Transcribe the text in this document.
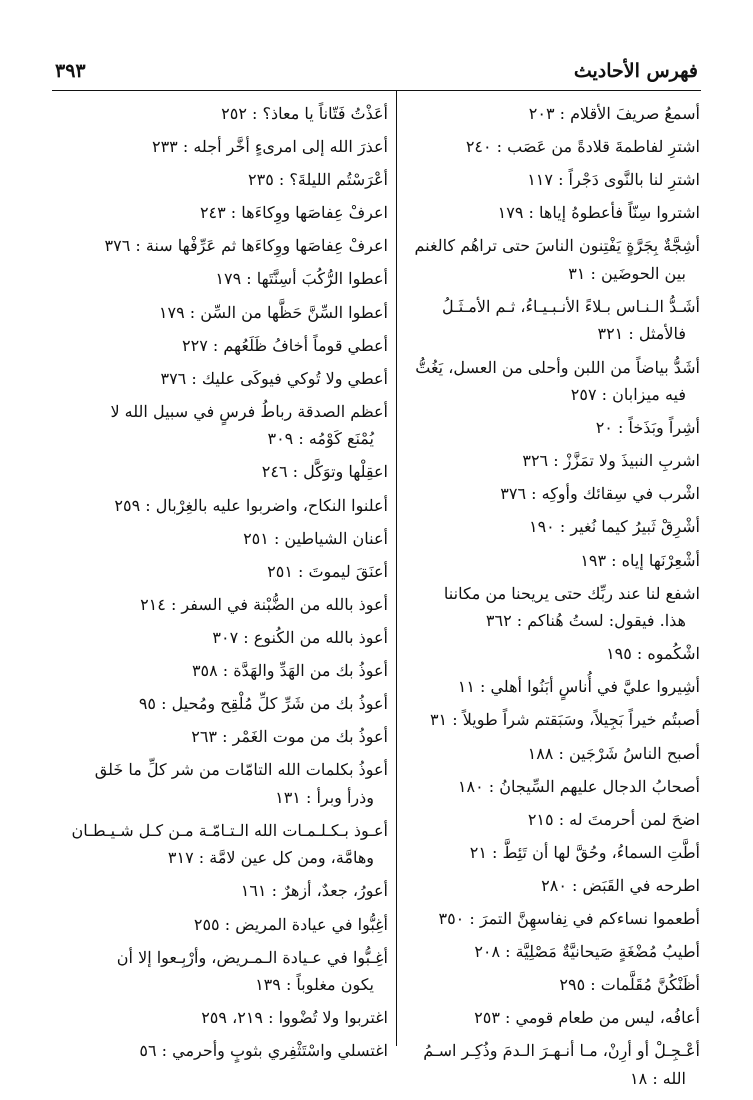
فهرس الأحاديث
٣٩٣
أسمعُ صريفَ الأقلام : ٢٠٣
اشترِ لفاطمةَ قلادةً من عَصَب : ٢٤٠
اشترِ لنا بالنَّوى دَجْراً : ١١٧
اشتروا سِنّاً فأعطوهُ إياها : ١٧٩
أشِجَّةٌ بِجَرَّةٍ يَفْتِنون الناسَ حتى تراهُم كالغنم
بين الحوضَين : ٣١
أشَـدُّ الـنـاس بـلاءً الأنـبـيـاءُ، ثـم الأمـثَـلُ
فالأمثل : ٣٢١
أشَدُّ بياضاً من اللبن وأحلى من العسل، يَغُتُّ
فيه ميزابان : ٢٥٧
أشِراً وبَذَخاً : ٢٠
اشربِ النبيذَ ولا تمَزَّزْ : ٣٢٦
اشْرب في سِقائك وأوكِه : ٣٧٦
أشْرِقْ ثَبيرُ كيما نُغير : ١٩٠
أشْعِرْنَها إياه : ١٩٣
اشفع لنا عند ربِّك حتى يريحنا من مكاننا
هذا. فيقول: لستُ هُناكم : ٣٦٢
اشْكُموه : ١٩٥
أشِيروا عليَّ في أُناسٍ أبَنُوا أهلي : ١١
أصبتُم خيراً بَجِيلاً، وسَبَقتم شراً طويلاً : ٣١
أصبح الناسُ شَرْجَين : ١٨٨
أصحابُ الدجال عليهم السِّيجانُ : ١٨٠
اضحَ لمن أحرمتَ له : ٢١٥
أطَّتِ السماءُ، وحُقَّ لها أن تَئِطَّ : ٢١
اطرحه في القَبَض : ٢٨٠
أطعموا نساءكم في نِفاسهِنَّ التمرَ : ٣٥٠
أطيبُ مُضْغَةٍ صَيحانيَّةٌ مَصْلِيَّة : ٢٠٨
أظَنْكُنَّ مُقَلَّمات : ٢٩٥
أعافُه، ليس من طعام قومي : ٢٥٣
أعْـجِـلْ أو أرِنْ، مـا أنـهـرَ الـدمَ وذُكِـر اسـمُ
الله : ١٨
أعَذْتُ فَتّاناً يا معاذ؟ : ٢٥٢
أعذرَ الله إلى امرىءٍ أخَّر أجله : ٢٣٣
أعْرَسْتُم الليلةَ؟ : ٢٣٥
اعرفْ عِفاصَها ووِكاءَها : ٢٤٣
اعرفْ عِفاصَها ووِكاءَها ثم عَرِّفْها سنة : ٣٧٦
أعطوا الرُّكُبَ أسِنَّتَها : ١٧٩
أعطوا السِّنَّ حَظَّها من السِّن : ١٧٩
أعطي قوماً أخافُ ظَلَعُهم : ٢٢٧
أعطي ولا تُوكي فيوكَى عليك : ٣٧٦
أعظم الصدقة رباطُ فرسٍ في سبيل الله لا
يُمْنَع كَوْمُه : ٣٠٩
اعقِلْها وتوَكَّل : ٢٤٦
أعلنوا النكاح، واضربوا عليه بالغِرْبال : ٢٥٩
أعنان الشياطين : ٢٥١
أعنَقَ ليموتَ : ٢٥١
أعوذ بالله من الضُّبْنة في السفر : ٢١٤
أعوذ بالله من الكُنوع : ٣٠٧
أعوذُ بك من الهَدِّ والهَدَّة : ٣٥٨
أعوذُ بك من شَرِّ كلِّ مُلْقِح ومُحيل : ٩٥
أعوذُ بك من موت الغَمْر : ٢٦٣
أعوذُ بكلمات الله التامّات من شر كلِّ ما خَلق
وذرأ وبرأ : ١٣١
أعـوذ بـكـلـمـات الله الـتـامّـة مـن كـل شـيـطـان
وهامَّة، ومن كل عين لامَّة : ٣١٧
أعورُ، جعدٌ، أزهرٌ : ١٦١
أغِبُّوا في عيادة المريض : ٢٥٥
أغِـبُّوا في عـيادة الـمـريض، وأرْبِـعوا إلا أن
يكون مغلوباً : ١٣٩
اغتربوا ولا تُضْووا : ٢١٩، ٢٥٩
اغتسلي واسْتَثْفِري بثوبٍ وأحرمي : ٥٦
